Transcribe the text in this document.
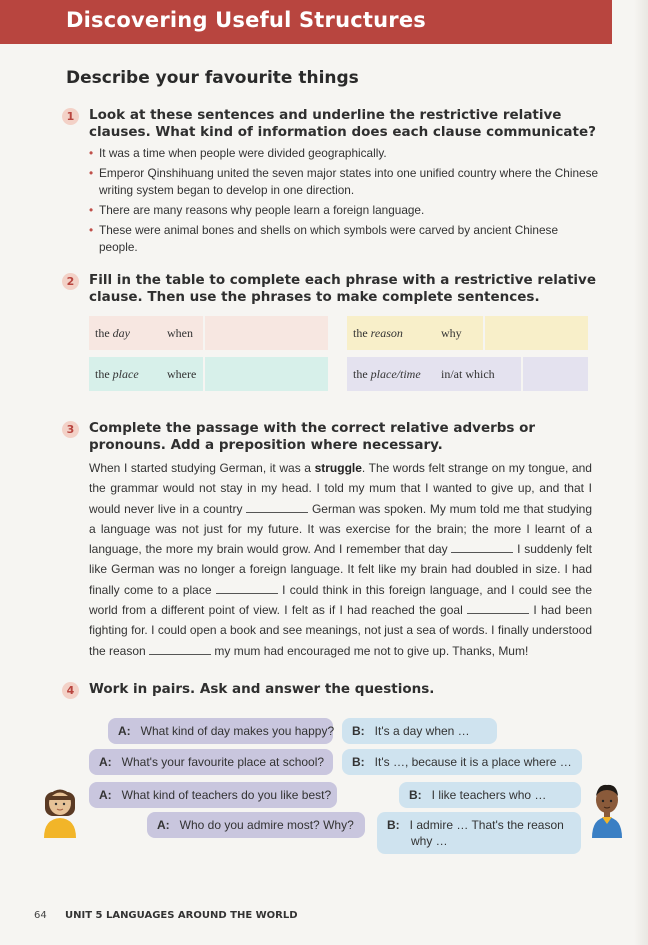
Discovering Useful Structures
Describe your favourite things
1	Look at these sentences and underline the restrictive relative clauses. What kind of information does each clause communicate?
• It was a time when people were divided geographically.
• Emperor Qinshihuang united the seven major states into one unified country where the Chinese writing system began to develop in one direction.
• There are many reasons why people learn a foreign language.
• These were animal bones and shells on which symbols were carved by ancient Chinese people.
2	Fill in the table to complete each phrase with a restrictive relative clause. Then use the phrases to make complete sentences.
the day	when	the reason	why
the place where	the place/time in/at which
3	Complete the passage with the correct relative adverbs or pronouns. Add a preposition where necessary.
When I started studying German, it was a struggle. The words felt strange on my tongue, and the grammar would not stay in my head. I told my mum that I wanted to give up, and that I would never live in a country	German was spoken. My mum told me that studying a language was not just for my future. It was exercise for the brain; the more I learnt of a language, the more my brain would grow. And I remember that day	I suddenly felt like German was no longer a foreign language. It felt like my brain had doubled in size. I had finally come to a place	I could think in this foreign language, and I could see the world from a different point of view. I felt as if I had reached the goal	I had been fighting for. I could open a book and see meanings, not just a sea of words. I finally understood the reason	my mum had encouraged me not to give up. Thanks, Mum!
4	Work in pairs. Ask and answer the questions.
A: What kind of day makes you happy?	B: It's a day when …
A: What's your favourite place at school?	B: It's …, because it is a place where …
A: What kind of teachers do you like best?	B: I like teachers who …
A: Who do you admire most? Why?	B: I admire … That's the reason
why …
64 UNIT 5 LANGUAGES AROUND THE WORLD
